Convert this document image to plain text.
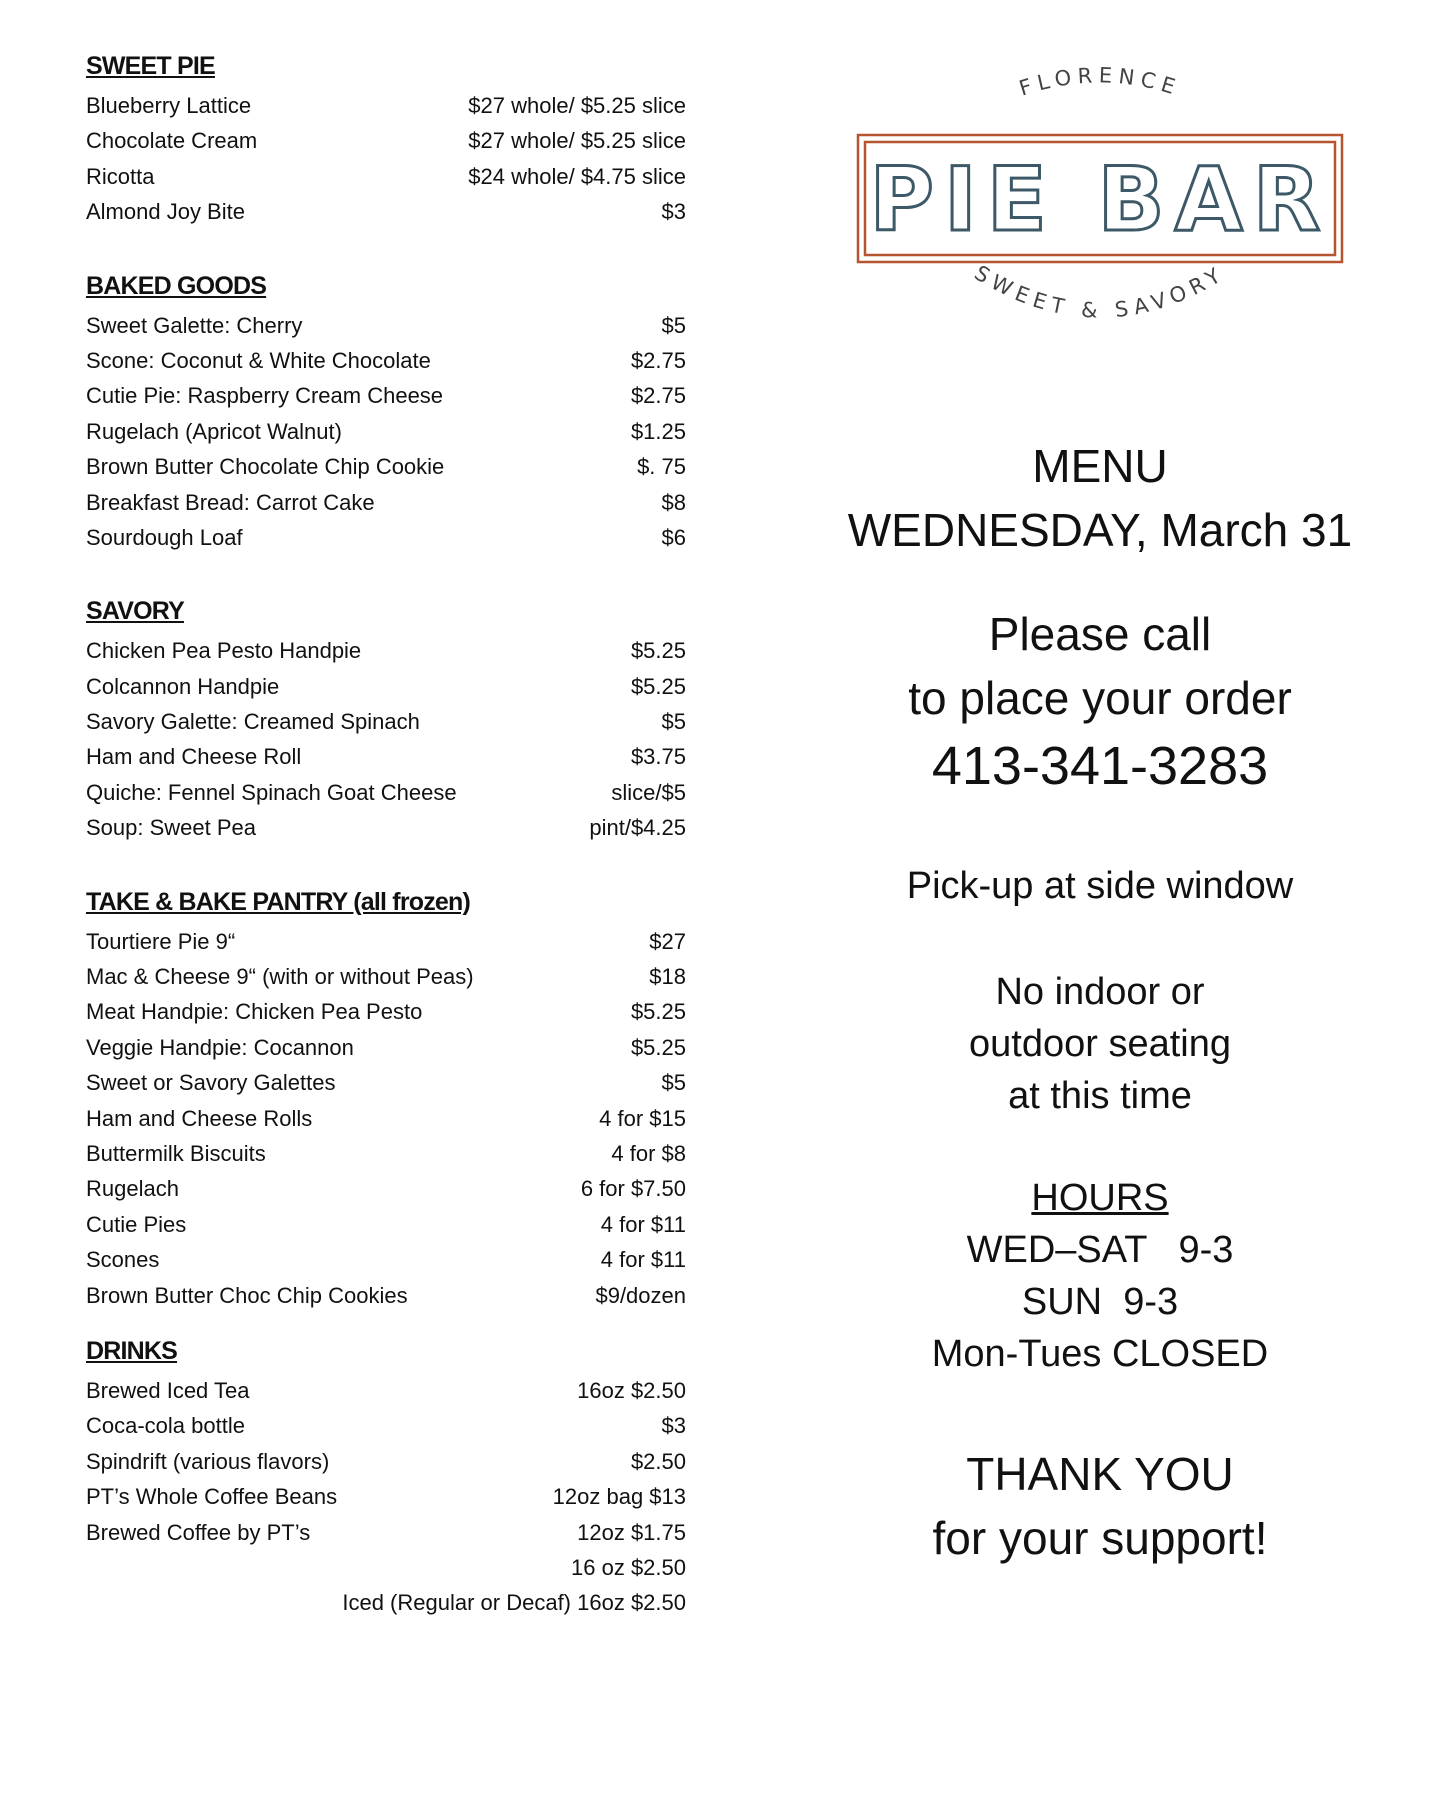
SWEET PIE
Blueberry Lattice	$27 whole/ $5.25 slice
Chocolate Cream	$27 whole/ $5.25 slice
Ricotta	$24 whole/ $4.75 slice
Almond Joy Bite	$3
BAKED GOODS
Sweet Galette: Cherry	$5
Scone: Coconut & White Chocolate	$2.75
Cutie Pie: Raspberry Cream Cheese	$2.75
Rugelach (Apricot Walnut)	$1.25
Brown Butter Chocolate Chip Cookie	$. 75
Breakfast Bread: Carrot Cake	$8
Sourdough Loaf	$6
SAVORY
Chicken Pea Pesto Handpie	$5.25
Colcannon Handpie	$5.25
Savory Galette: Creamed Spinach	$5
Ham and Cheese Roll	$3.75
Quiche: Fennel Spinach Goat Cheese	slice/$5
Soup: Sweet Pea	pint/$4.25
TAKE & BAKE PANTRY (all frozen)
Tourtiere Pie 9“	$27
Mac & Cheese 9“ (with or without Peas)	$18
Meat Handpie: Chicken Pea Pesto	$5.25
Veggie Handpie: Cocannon	$5.25
Sweet or Savory Galettes	$5
Ham and Cheese Rolls	4 for $15
Buttermilk Biscuits	4 for $8
Rugelach	6 for $7.50
Cutie Pies	4 for $11
Scones	4 for $11
Brown Butter Choc Chip Cookies	$9/dozen
DRINKS
Brewed Iced Tea	16oz $2.50
Coca-cola bottle	$3
Spindrift (various flavors)	$2.50
PT’s Whole Coffee Beans	12oz bag $13
Brewed Coffee by PT’s	12oz $1.75
16 oz $2.50
Iced (Regular or Decaf) 16oz $2.50
FLORENCE
PIE BAR
SWEET & SAVORY

MENU

WEDNESDAY, March 31

Please call

to place your order

413-341-3283

Pick-up at side window

No indoor or
outdoor seating
at this time
HOURS
WED–SAT   9-3
SUN  9-3
Mon-Tues CLOSED
THANK YOU
for your support!
